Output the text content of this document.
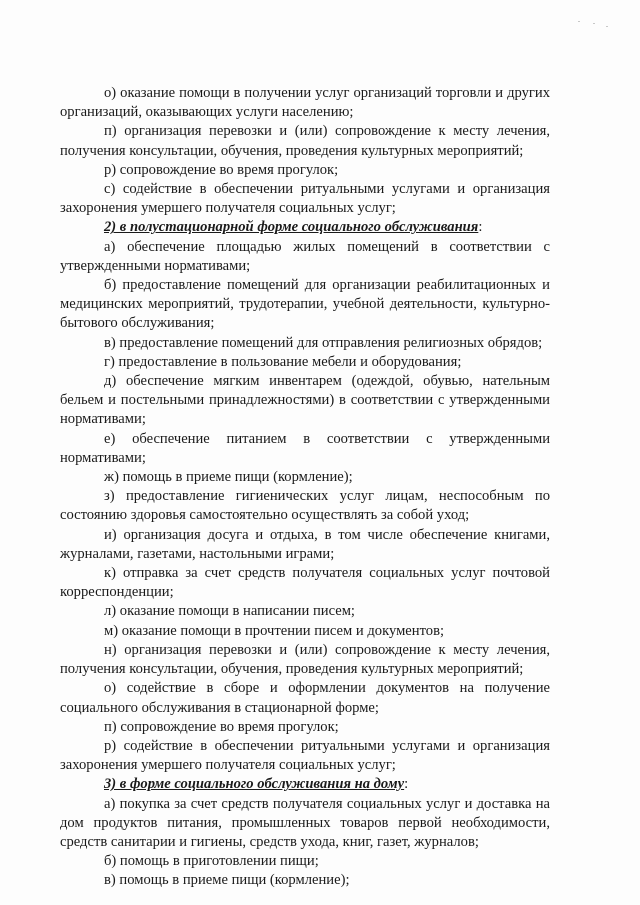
о) оказание помощи в получении услуг организаций торговли и других организаций, оказывающих услуги населению;

п) организация перевозки и (или) сопровождение к месту лечения, получения консультации, обучения, проведения культурных мероприятий;

р) сопровождение во время прогулок;

с) содействие в обеспечении ритуальными услугами и организация захоронения умершего получателя социальных услуг;

2) в полустационарной форме социального обслуживания:

а) обеспечение площадью жилых помещений в соответствии с утвержденными нормативами;

б) предоставление помещений для организации реабилитационных и медицинских мероприятий, трудотерапии, учебной деятельности, культурно-бытового обслуживания;

в) предоставление помещений для отправления религиозных обрядов;

г) предоставление в пользование мебели и оборудования;

д) обеспечение мягким инвентарем (одеждой, обувью, нательным бельем и постельными принадлежностями) в соответствии с утвержденными нормативами;

е) обеспечение питанием в соответствии с утвержденными нормативами;

ж) помощь в приеме пищи (кормление);

з) предоставление гигиенических услуг лицам, неспособным по состоянию здоровья самостоятельно осуществлять за собой уход;

и) организация досуга и отдыха, в том числе обеспечение книгами, журналами, газетами, настольными играми;

к) отправка за счет средств получателя социальных услуг почтовой корреспонденции;

л) оказание помощи в написании писем;

м) оказание помощи в прочтении писем и документов;

н) организация перевозки и (или) сопровождение к месту лечения, получения консультации, обучения, проведения культурных мероприятий;

о) содействие в сборе и оформлении документов на получение социального обслуживания в стационарной форме;

п) сопровождение во время прогулок;

р) содействие в обеспечении ритуальными услугами и организация захоронения умершего получателя социальных услуг;

3) в форме социального обслуживания на дому:

а) покупка за счет средств получателя социальных услуг и доставка на дом продуктов питания, промышленных товаров первой необходимости, средств санитарии и гигиены, средств ухода, книг, газет, журналов;

б) помощь в приготовлении пищи;

в) помощь в приеме пищи (кормление);
